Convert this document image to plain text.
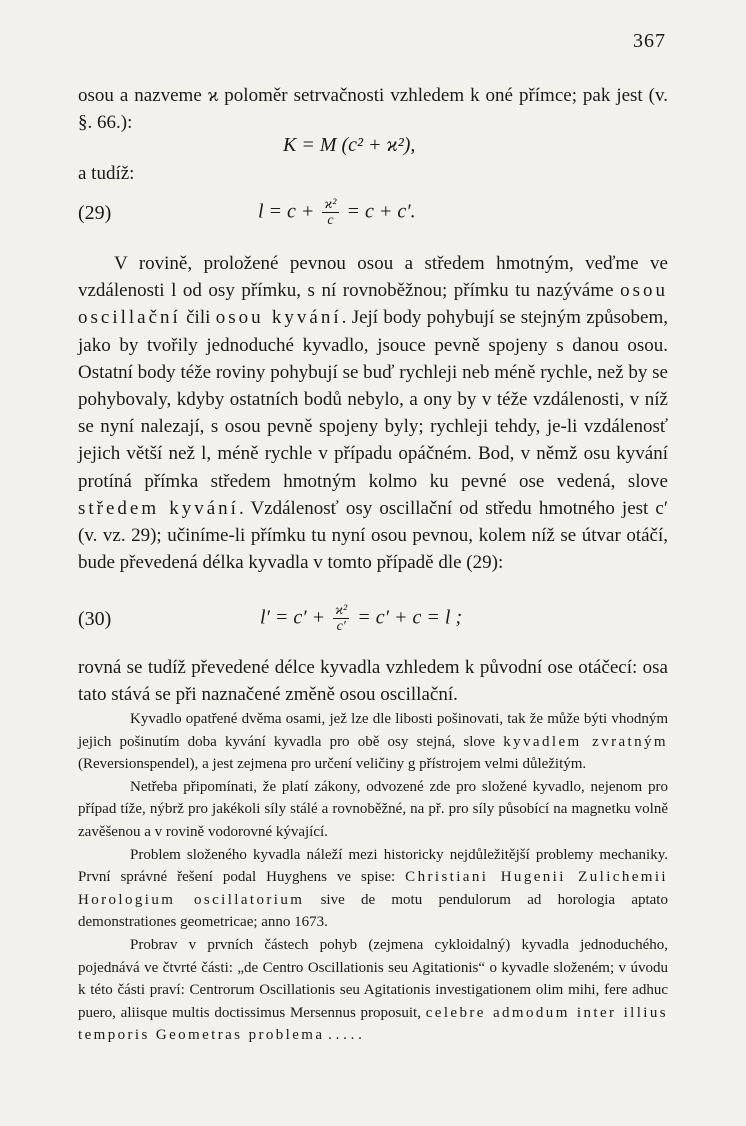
367

osou a nazveme ϰ poloměr setrvačnosti vzhledem k oné přímce; pak jest (v. §. 66.):

K = M (c² + ϰ²),

a tudíž:

(29)	$l = c + \frac{\text{ϰ²}}{c} = c + c'$.

V rovině, proložené pevnou osou a středem hmotným, veďme ve vzdálenosti l od osy přímku, s ní rovnoběžnou; přímku tu nazýváme osou oscillační čili osou kyvání. Její body pohybují se stejným způsobem, jako by tvořily jednoduché kyvadlo, jsouce pevně spojeny s danou osou. Ostatní body téže roviny pohybují se buď rychleji neb méně rychle, než by se pohybovaly, kdyby ostatních bodů nebylo, a ony by v téže vzdálenosti, v níž se nyní nalezají, s osou pevně spojeny byly; rychleji tehdy, je-li vzdálenosť jejich větší než l, méně rychle v případu opáčném. Bod, v němž osu kyvání protíná přímka středem hmotným kolmo ku pevné ose vedená, slove středem kyvání. Vzdálenosť osy oscillační od středu hmotného jest c′ (v. vz. 29); učiníme-li přímku tu nyní osou pevnou, kolem níž se útvar otáčí, bude převedená délka kyvadla v tomto případě dle (29):

(30)	$l' = c' + \frac{\text{ϰ²}}{c'} = c' + c = l$ ;

rovná se tudíž převedené délce kyvadla vzhledem k původní ose otáčecí: osa tato stává se při naznačené změně osou oscillační.

Kyvadlo opatřené dvěma osami, jež lze dle libosti pošinovati, tak že může býti vhodným jejich pošinutím doba kyvání kyvadla pro obě osy stejná, slove kyvadlem zvratným (Reversionspendel), a jest zejmena pro určení veličiny g přístrojem velmi důležitým.

Netřeba připomínati, že platí zákony, odvozené zde pro složené kyvadlo, nejenom pro případ tíže, nýbrž pro jakékoli síly stálé a rovnoběžné, na př. pro síly působící na magnetku volně zavěšenou a v rovině vodorovné kývající.

Problem složeného kyvadla náleží mezi historicky nejdůležitější problemy mechaniky. První správné řešení podal Huyghens ve spise: Christiani Hugenii Zulichemii Horologium oscillatorium sive de motu pendulorum ad horologia aptato demonstrationes geometricae; anno 1673.

Probrav v prvních částech pohyb (zejmena cykloidalný) kyvadla jednoduchého, pojednává ve čtvrté části: „de Centro Oscillationis seu Agitationis“ o kyvadle složeném; v úvodu k této části praví: Centrorum Oscillationis seu Agitationis investigationem olim mihi, fere adhuc puero, aliisque multis doctissimus Mersennus proposuit, celebre admodum inter illius temporis Geometras problema . . . . .
